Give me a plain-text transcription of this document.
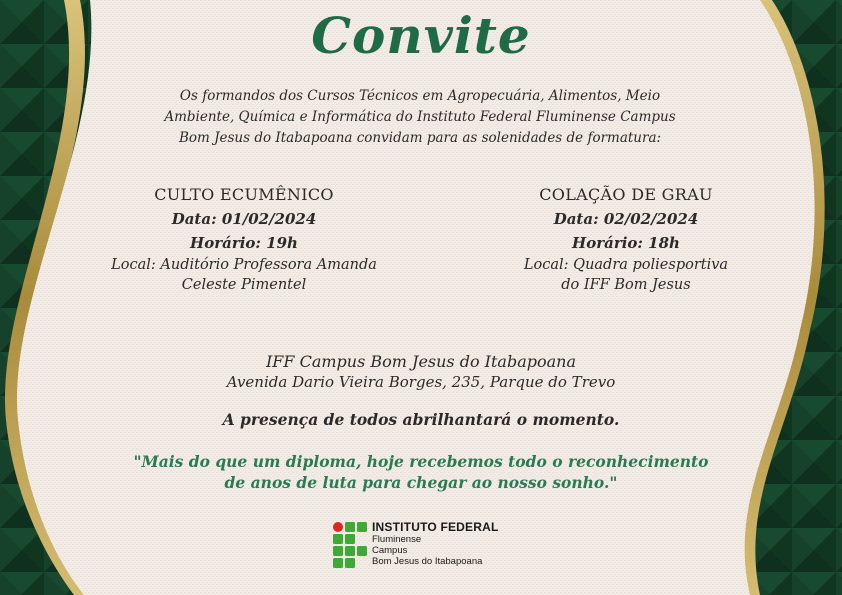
Convite
Os formandos dos Cursos Técnicos em Agropecuária, Alimentos, Meio Ambiente, Química e Informática do Instituto Federal Fluminense Campus Bom Jesus do Itabapoana convidam para as solenidades de formatura:
CULTO ECUMÊNICO
Data: 01/02/2024
Horário: 19h
Local: Auditório Professora Amanda
Celeste Pimentel
COLAÇÃO DE GRAU
Data: 02/02/2024
Horário: 18h
Local: Quadra poliesportiva
do IFF Bom Jesus
IFF Campus Bom Jesus do Itabapoana
Avenida Dario Vieira Borges, 235, Parque do Trevo
A presença de todos abrilhantará o momento.
"Mais do que um diploma, hoje recebemos todo o reconhecimento
de anos de luta para chegar ao nosso sonho."
INSTITUTO FEDERAL
Fluminense
Campus
Bom Jesus do Itabapoana
